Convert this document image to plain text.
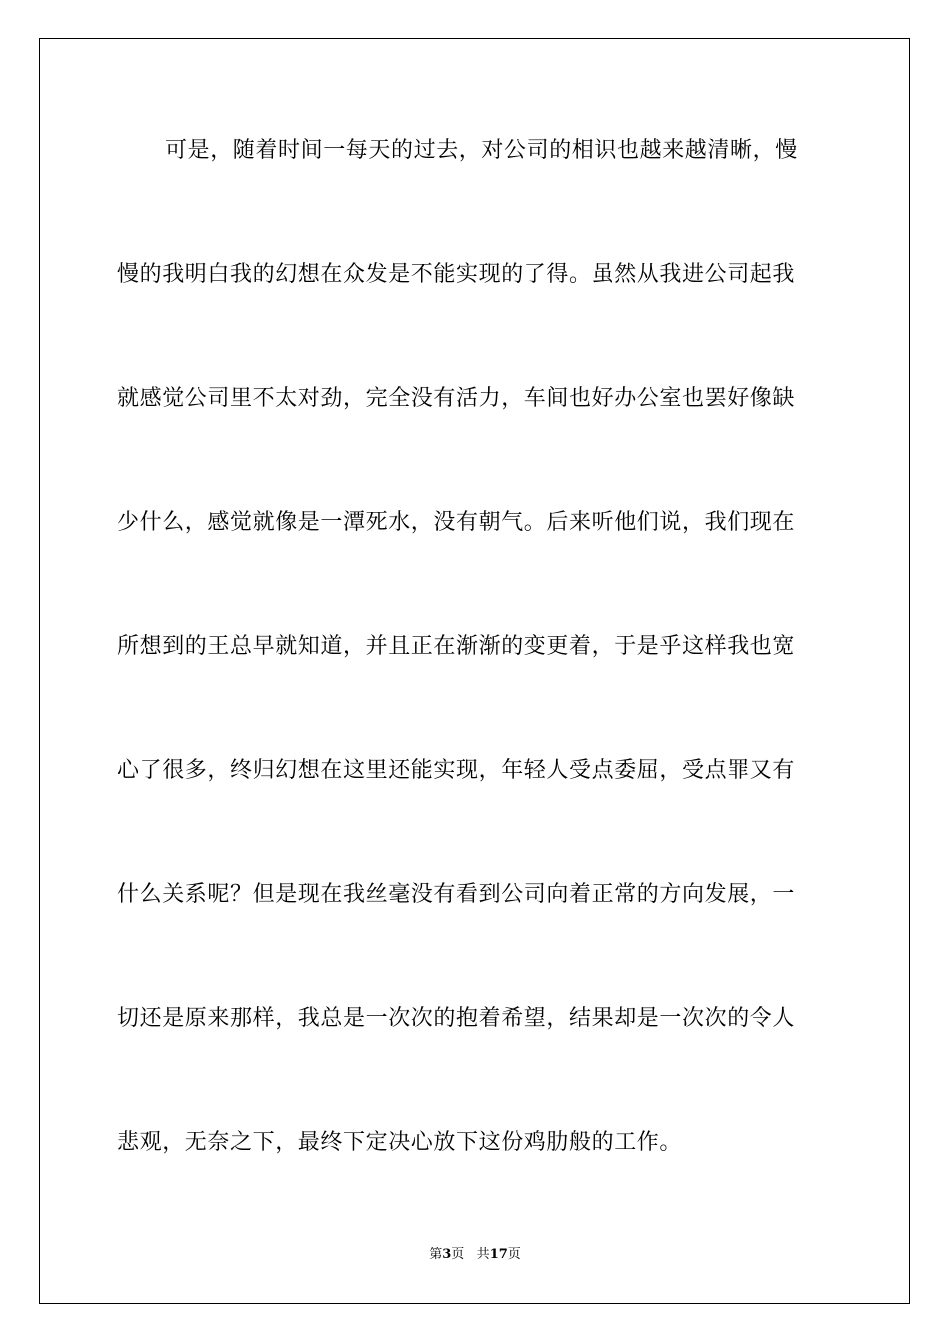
可是，随着时间一每天的过去，对公司的相识也越来越清晰，慢
慢的我明白我的幻想在众发是不能实现的了得。虽然从我进公司起我
就感觉公司里不太对劲，完全没有活力，车间也好办公室也罢好像缺
少什么，感觉就像是一潭死水，没有朝气。后来听他们说，我们现在
所想到的王总早就知道，并且正在渐渐的变更着，于是乎这样我也宽
心了很多，终归幻想在这里还能实现，年轻人受点委屈，受点罪又有
什么关系呢？但是现在我丝毫没有看到公司向着正常的方向发展，一
切还是原来那样，我总是一次次的抱着希望，结果却是一次次的令人
悲观，无奈之下，最终下定决心放下这份鸡肋般的工作。
第3页 共17页
